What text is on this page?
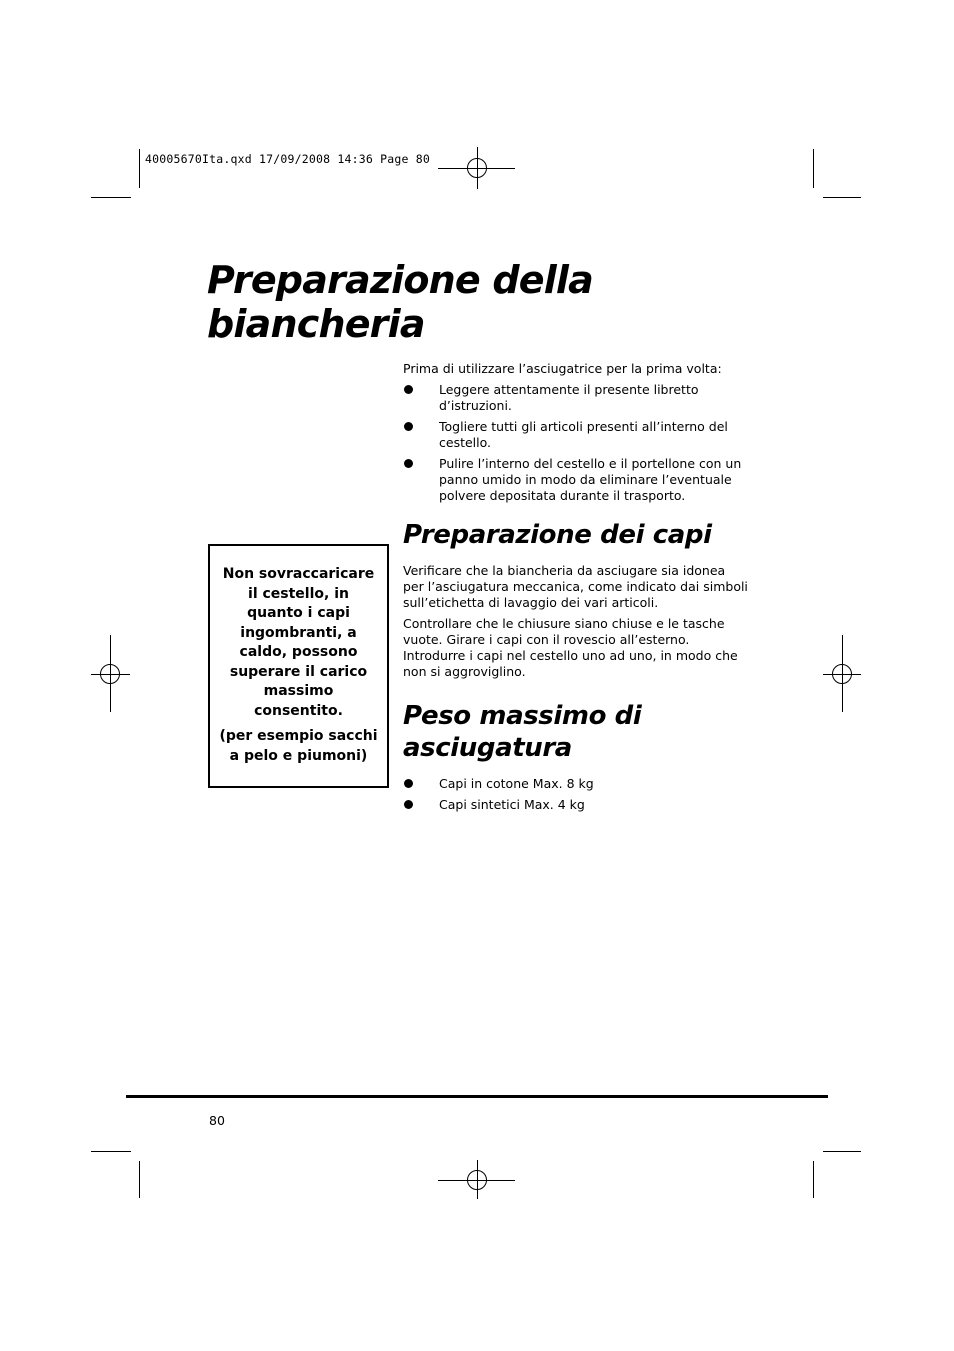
40005670Ita.qxd 17/09/2008 14:36 Page 80
Preparazione della
biancheria

Prima di utilizzare l’asciugatrice per la prima volta:

Leggere attentamente il presente libretto d’istruzioni.
Togliere tutti gli articoli presenti all’interno del cestello.
Pulire l’interno del cestello e il portellone con un panno umido in modo da eliminare l’eventuale polvere depositata durante il trasporto.
Preparazione dei capi

Verificare che la biancheria da asciugare sia idonea per l’asciugatura meccanica, come indicato dai simboli sull’etichetta di lavaggio dei vari articoli.

Controllare che le chiusure siano chiuse e le tasche vuote. Girare i capi con il rovescio all’esterno. Introdurre i capi nel cestello uno ad uno, in modo che non si aggroviglino.

Peso massimo di asciugatura
Capi in cotone Max. 8 kg
Capi sintetici Max. 4 kg

Non sovraccaricare il cestello, in quanto i capi ingombranti, a caldo, possono superare il carico massimo consentito.

(per esempio sacchi a pelo e piumoni)

80
